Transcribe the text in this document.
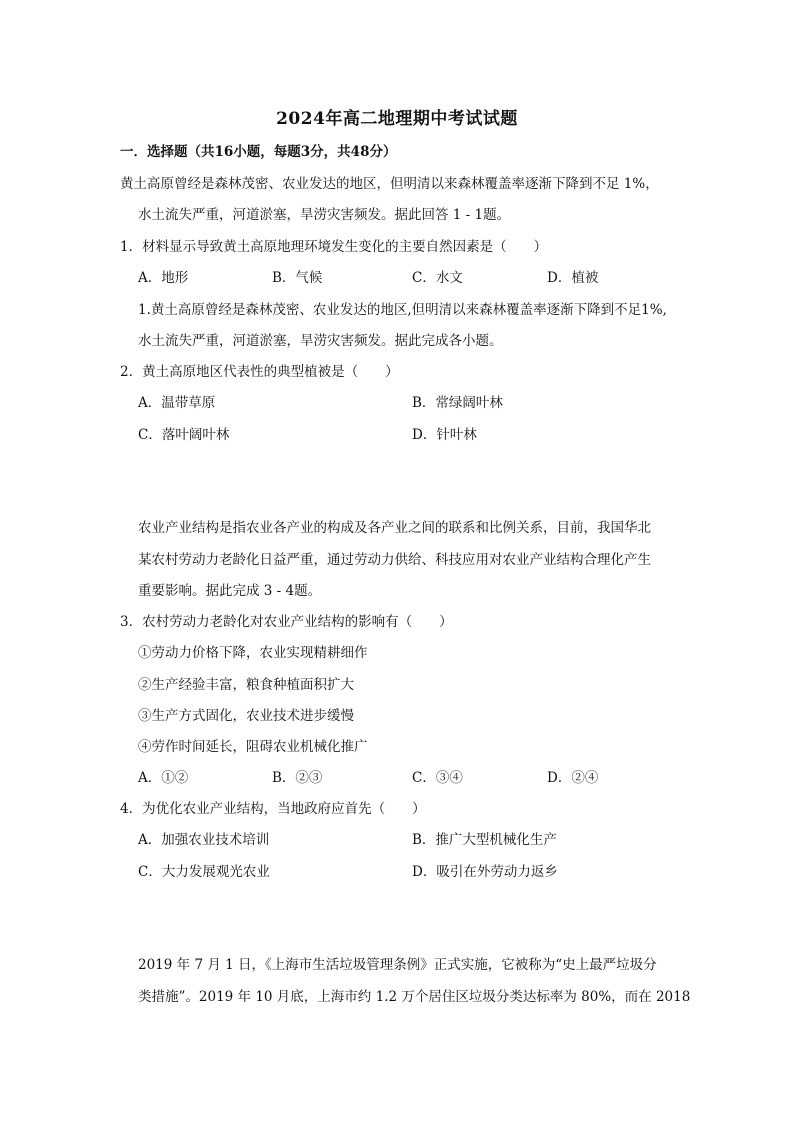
2024年高二地理期中考试试题
一．选择题（共16小题，每题3分，共48分）
黄土高原曾经是森林茂密、农业发达的地区，但明清以来森林覆盖率逐渐下降到不足 1%，
水土流失严重，河道淤塞，旱涝灾害频发。据此回答 1 - 1题。
1．材料显示导致黄土高原地理环境发生变化的主要自然因素是（　　）
A．地形	B．气候	C．水文	D．植被
1.黄土高原曾经是森林茂密、农业发达的地区,但明清以来森林覆盖率逐渐下降到不足1%,
水土流失严重，河道淤塞，旱涝灾害频发。据此完成各小题。
2．黄土高原地区代表性的典型植被是（　　）
A．温带草原	B．常绿阔叶林
C．落叶阔叶林	D．针叶林
农业产业结构是指农业各产业的构成及各产业之间的联系和比例关系，目前，我国华北
某农村劳动力老龄化日益严重，通过劳动力供给、科技应用对农业产业结构合理化产生
重要影响。据此完成 3 - 4题。
3．农村劳动力老龄化对农业产业结构的影响有（　　）
①劳动力价格下降，农业实现精耕细作
②生产经验丰富，粮食种植面积扩大
③生产方式固化，农业技术进步缓慢
④劳作时间延长，阻碍农业机械化推广
A．①②	B．②③	C．③④	D．②④
4．为优化农业产业结构，当地政府应首先（　　）
A．加强农业技术培训	B．推广大型机械化生产
C．大力发展观光农业	D．吸引在外劳动力返乡
2019 年 7 月 1 日，《上海市生活垃圾管理条例》正式实施，它被称为“史上最严垃圾分
类措施”。2019 年 10 月底，上海市约 1.2 万个居住区垃圾分类达标率为 80%，而在 2018
